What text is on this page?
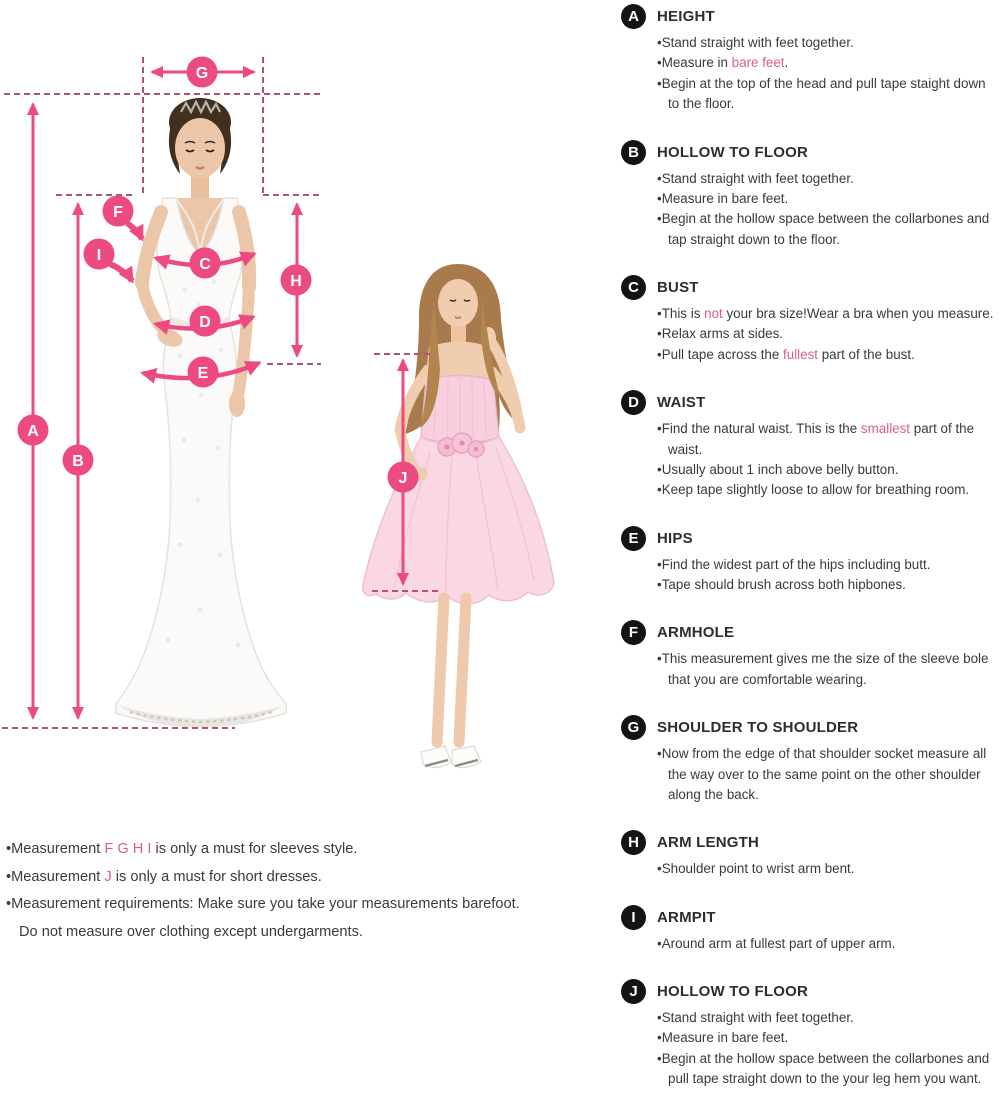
G
A
B
F
I
C
D
E
H
J
A	HEIGHT
• Stand straight with feet together.
• Measure in bare feet.
• Begin at the top of the head and pull tape staight down to the floor.
B	HOLLOW TO FLOOR
• Stand straight with feet together.
• Measure in bare feet.
• Begin at the hollow space between the collarbones and tap straight down to the floor.
C	BUST
• This is not your bra size!Wear a bra when you measure.
• Relax arms at sides.
• Pull tape across the fullest part of the bust.
D	WAIST
• Find the natural waist. This is the smallest part of the waist.
• Usually about 1 inch above belly button.
• Keep tape slightly loose to allow for breathing room.
E	HIPS
• Find the widest part of the hips including butt.
• Tape should brush across both hipbones.
F	ARMHOLE
• This measurement gives me the size of the sleeve bole that you are comfortable wearing.
G	SHOULDER TO SHOULDER
• Now from the edge of that shoulder socket measure all the way over to the same point on the other shoulder along the back.
H	ARM LENGTH
• Shoulder point to wrist arm bent.
I	ARMPIT
• Around arm at fullest part of upper arm.
J	HOLLOW TO FLOOR
• Stand straight with feet together.
• Measure in bare feet.
• Begin at the hollow space between the collarbones and pull tape straight down to the your leg hem you want.
• Measurement F G H I is only a must for sleeves style.
• Measurement J is only a must for short dresses.
• Measurement requirements: Make sure you take your measurements barefoot. Do not measure over clothing except undergarments.
